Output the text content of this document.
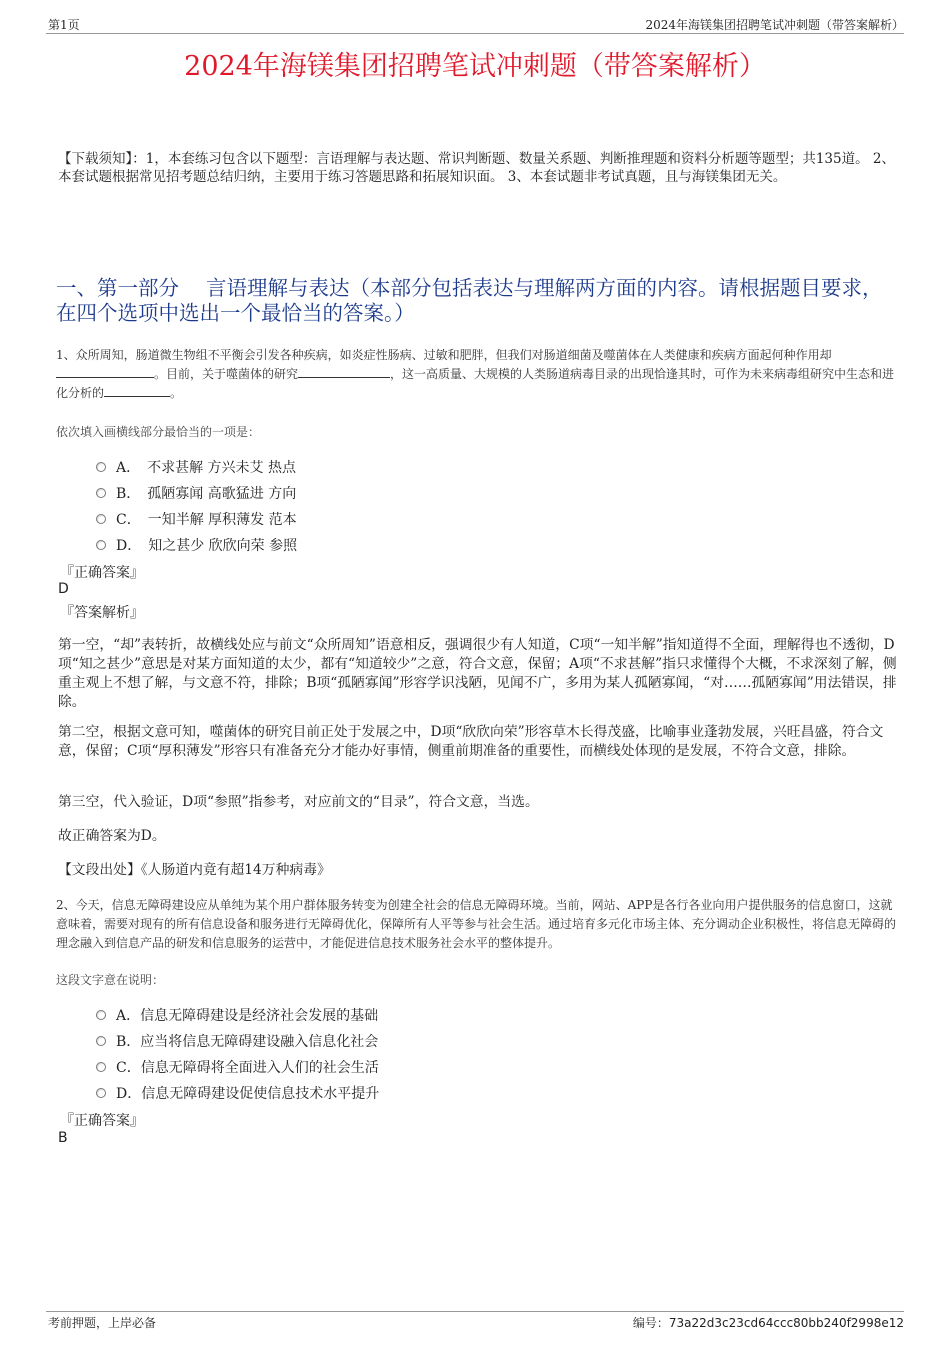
第1页	2024年海镁集团招聘笔试冲刺题（带答案解析）
2024年海镁集团招聘笔试冲刺题（带答案解析）
【下载须知】：1，本套练习包含以下题型：言语理解与表达题、常识判断题、数量关系题、判断推理题和资料分析题等题型；共135道。 2、本套试题根据常见招考题总结归纳，主要用于练习答题思路和拓展知识面。 3、本套试题非考试真题，且与海镁集团无关。
一、第一部分　 言语理解与表达（本部分包括表达与理解两方面的内容。请根据题目要求，在四个选项中选出一个最恰当的答案。）
1、众所周知，肠道微生物组不平衡会引发各种疾病，如炎症性肠病、过敏和肥胖，但我们对肠道细菌及噬菌体在人类健康和疾病方面起何种作用却。目前，关于噬菌体的研究	，这一高质量、大规模的人类肠道病毒目录的出现恰逢其时，可作为未来病毒组研究中生态和进化分析的	。
依次填入画横线部分最恰当的一项是：
A．　不求甚解 方兴未艾 热点
B．　孤陋寡闻 高歌猛进 方向
C．　一知半解 厚积薄发 范本
D．　知之甚少 欣欣向荣 参照
『正确答案』
D
『答案解析』
第一空，“却”表转折，故横线处应与前文“众所周知”语意相反，强调很少有人知道，C项“一知半解”指知道得不全面，理解得也不透彻，D项“知之甚少”意思是对某方面知道的太少，都有“知道较少”之意，符合文意，保留；A项“不求甚解”指只求懂得个大概，不求深刻了解，侧重主观上不想了解，与文意不符，排除；B项“孤陋寡闻”形容学识浅陋，见闻不广，多用为某人孤陋寡闻，“对……孤陋寡闻”用法错误，排除。
第二空，根据文意可知，噬菌体的研究目前正处于发展之中，D项“欣欣向荣”形容草木长得茂盛，比喻事业蓬勃发展，兴旺昌盛，符合文意，保留；C项“厚积薄发”形容只有准备充分才能办好事情，侧重前期准备的重要性，而横线处体现的是发展，不符合文意，排除。
第三空，代入验证，D项“参照”指参考，对应前文的“目录”，符合文意，当选。
故正确答案为D。
【文段出处】《人肠道内竟有超14万种病毒》
2、今天，信息无障碍建设应从单纯为某个用户群体服务转变为创建全社会的信息无障碍环境。当前，网站、APP是各行各业向用户提供服务的信息窗口，这就意味着，需要对现有的所有信息设备和服务进行无障碍优化，保障所有人平等参与社会生活。通过培育多元化市场主体、充分调动企业积极性，将信息无障碍的理念融入到信息产品的研发和信息服务的运营中，才能促进信息技术服务社会水平的整体提升。
这段文字意在说明：
A．信息无障碍建设是经济社会发展的基础
B．应当将信息无障碍建设融入信息化社会
C．信息无障碍将全面进入人们的社会生活
D．信息无障碍建设促使信息技术水平提升
『正确答案』
B
考前押题，上岸必备	编号：73a22d3c23cd64ccc80bb240f2998e12
